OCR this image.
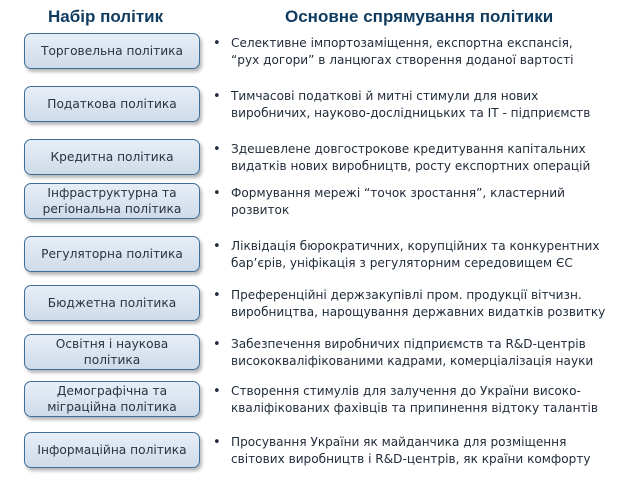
Набір політик	Основне спрямування політики
Торговельна політика • Селективне імпортозаміщення, експортна експансія,
“рух догори” в ланцюгах створення доданої вартості
Податкова політика	• Тимчасові податкові й митні стимули для нових
виробничих, науково-дослідницьких та ІТ - підприємств
Кредитна політика	• Здешевлене довгострокове кредитування капітальних
видатків нових виробництв, росту експортних операцій
Інфраструктурна та регіональна політика
• Формування мережі “точок зростання”, кластерний
розвиток
Регуляторна політика • Ліквідація бюрократичних, корупційних та конкурентних
бар’єрів, уніфікація з регуляторним середовищем ЄС
Бюджетна політика	• Преференційні держзакупівлі пром. продукції вітчизн.
виробництва, нарощування державних видатків розвитку
Освітня і наукова політика
• Забезпечення виробничих підприємств та R&D-центрів
висококваліфікованими кадрами, комерціалізація науки
Демографічна та міграційна політика
• Створення стимулів для залучення до України високо-
кваліфікованих фахівців та припинення відтоку талантів
Інформаційна політика • Просування України як майданчика для розміщення
світових виробництв і R&D-центрів, як країни комфорту
